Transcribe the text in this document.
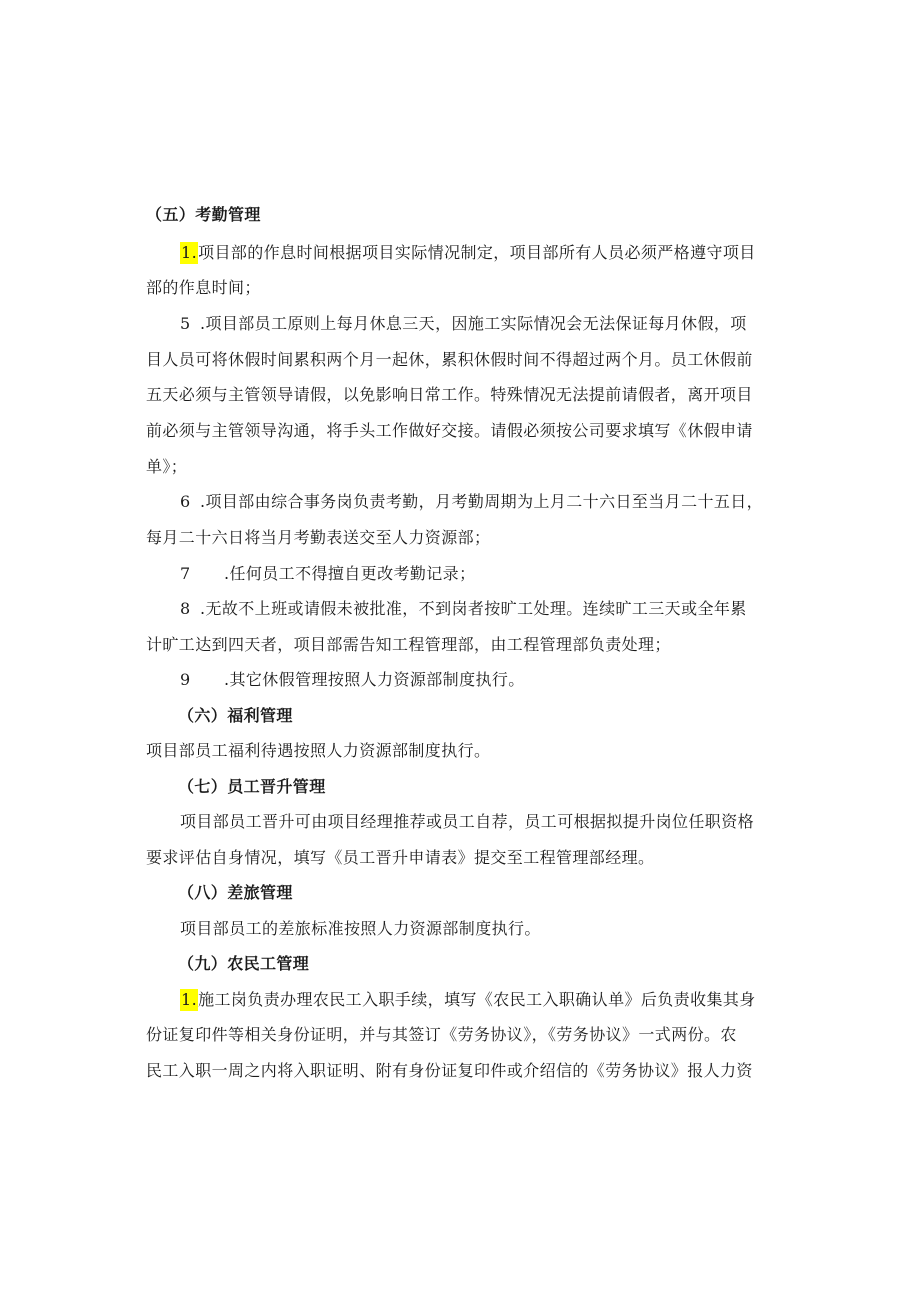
（五）考勤管理
1.项目部的作息时间根据项目实际情况制定，项目部所有人员必须严格遵守项目
部的作息时间；
5 .项目部员工原则上每月休息三天，因施工实际情况会无法保证每月休假，项
目人员可将休假时间累积两个月一起休，累积休假时间不得超过两个月。员工休假前
五天必须与主管领导请假，以免影响日常工作。特殊情况无法提前请假者，离开项目
前必须与主管领导沟通，将手头工作做好交接。请假必须按公司要求填写《休假申请
单》；
6 .项目部由综合事务岗负责考勤，月考勤周期为上月二十六日至当月二十五日，
每月二十六日将当月考勤表送交至人力资源部；
7 .任何员工不得擅自更改考勤记录；
8 .无故不上班或请假未被批准，不到岗者按旷工处理。连续旷工三天或全年累
计旷工达到四天者，项目部需告知工程管理部，由工程管理部负责处理；
9 .其它休假管理按照人力资源部制度执行。
（六）福利管理
项目部员工福利待遇按照人力资源部制度执行。
（七）员工晋升管理
项目部员工晋升可由项目经理推荐或员工自荐，员工可根据拟提升岗位任职资格
要求评估自身情况，填写《员工晋升申请表》提交至工程管理部经理。
（八）差旅管理
项目部员工的差旅标准按照人力资源部制度执行。
（九）农民工管理
1.施工岗负责办理农民工入职手续，填写《农民工入职确认单》后负责收集其身
份证复印件等相关身份证明，并与其签订《劳务协议》，《劳务协议》一式两份。农
民工入职一周之内将入职证明、附有身份证复印件或介绍信的《劳务协议》报人力资
